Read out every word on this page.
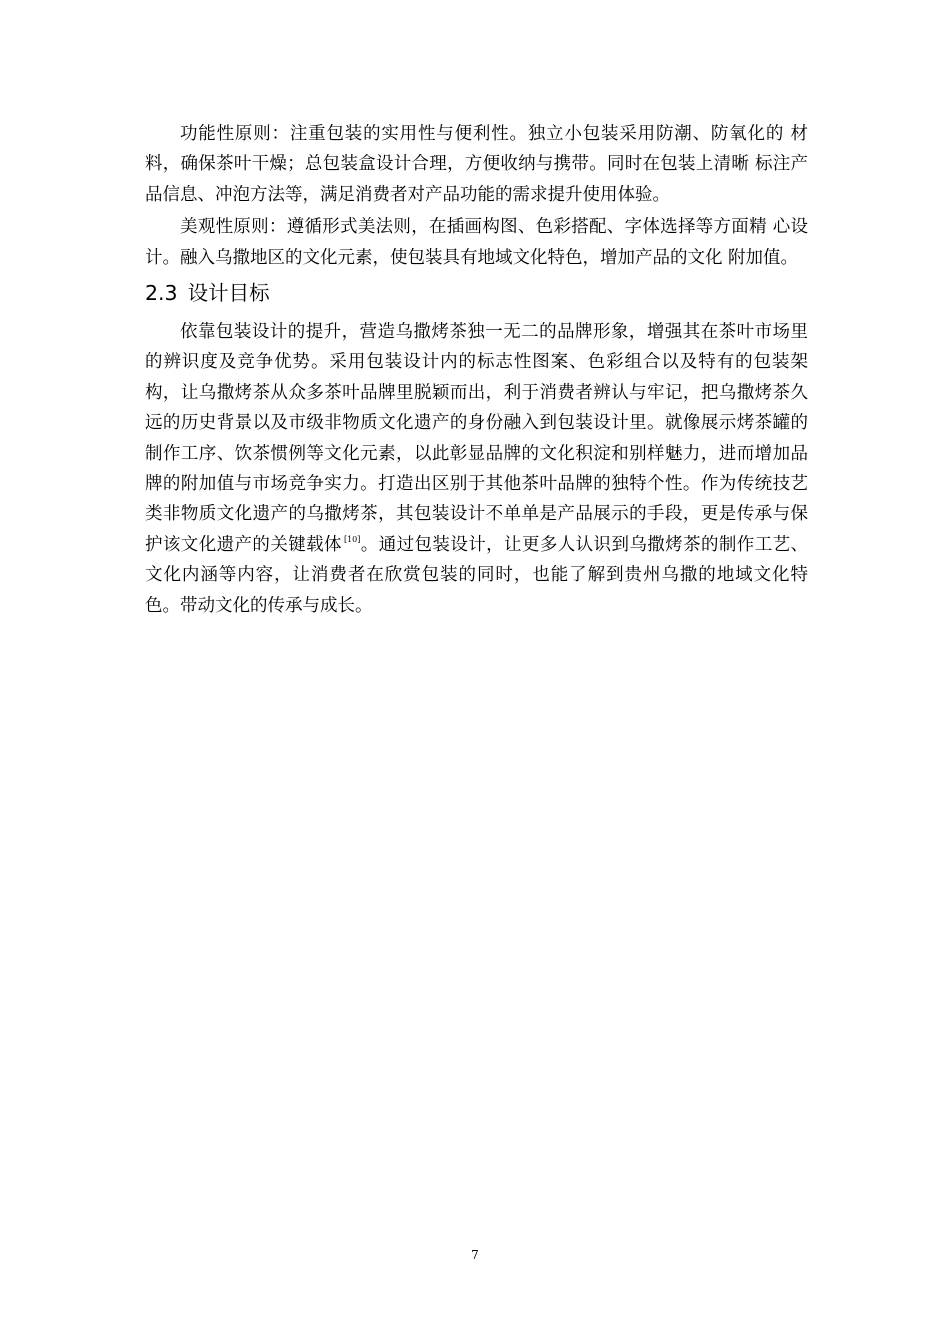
功能性原则：注重包装的实用性与便利性。独立小包装采用防潮、防氧化的 材料，确保茶叶干燥；总包装盒设计合理，方便收纳与携带。同时在包装上清晰 标注产品信息、冲泡方法等，满足消费者对产品功能的需求提升使用体验。

美观性原则：遵循形式美法则，在插画构图、色彩搭配、字体选择等方面精 心设计。融入乌撒地区的文化元素，使包装具有地域文化特色，增加产品的文化 附加值。

2.3 设计目标

依靠包装设计的提升，营造乌撒烤茶独一无二的品牌形象，增强其在茶叶市场里的辨识度及竞争优势。采用包装设计内的标志性图案、色彩组合以及特有的包装架构，让乌撒烤茶从众多茶叶品牌里脱颖而出，利于消费者辨认与牢记，把乌撒烤茶久远的历史背景以及市级非物质文化遗产的身份融入到包装设计里。就像展示烤茶罐的制作工序、饮茶惯例等文化元素，以此彰显品牌的文化积淀和别样魅力，进而增加品牌的附加值与市场竞争实力。打造出区别于其他茶叶品牌的独特个性。作为传统技艺类非物质文化遗产的乌撒烤茶，其包装设计不单单是产品展示的手段，更是传承与保护该文化遗产的关键载体 [10]。通过包装设计，让更多人认识到乌撒烤茶的制作工艺、文化内涵等内容，让消费者在欣赏包装的同时，也能了解到贵州乌撒的地域文化特色。带动文化的传承与成长。

7
